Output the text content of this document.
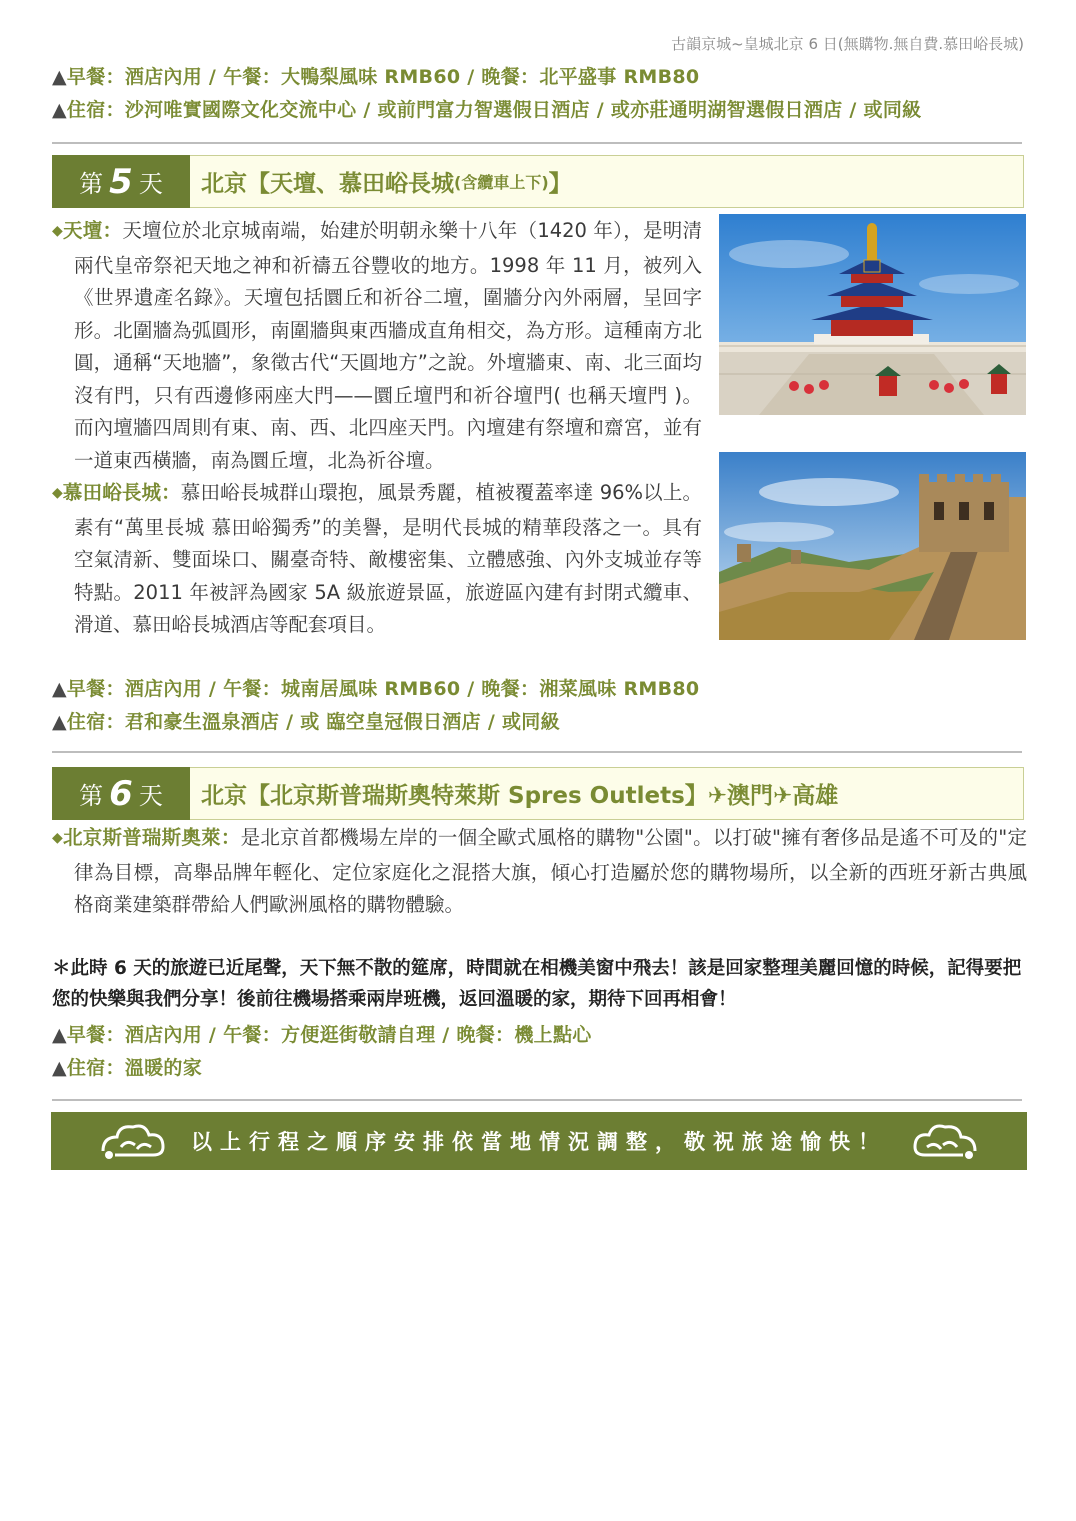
古韻京城~皇城北京 6 日(無購物.無自費.慕田峪長城)
▲早餐：酒店內用 / 午餐：大鴨梨風味 RMB60 / 晚餐：北平盛事 RMB80
▲住宿：沙河唯實國際文化交流中心 / 或前門富力智選假日酒店 / 或亦莊通明湖智選假日酒店 / 或同級
第 5 天 北京【天壇、慕田峪長城 (含纜車上下) 】

◆天壇：天壇位於北京城南端，始建於明朝永樂十八年（1420 年），是明清兩代皇帝祭祀天地之神和祈禱五谷豐收的地方。1998 年 11 月，被列入《世界遺產名錄》。天壇包括圜丘和祈谷二壇，圍牆分內外兩層，呈回字形。北圍牆為弧圓形，南圍牆與東西牆成直角相交，為方形。這種南方北圓，通稱“天地牆”，象徵古代“天圓地方”之說。外壇牆東、南、北三面均沒有門，只有西邊修兩座大門——圜丘壇門和祈谷壇門( 也稱天壇門 )。而內壇牆四周則有東、南、西、北四座天門。內壇建有祭壇和齋宮，並有一道東西橫牆，南為圜丘壇，北為祈谷壇。

◆慕田峪長城：慕田峪長城群山環抱，風景秀麗，植被覆蓋率達 96%以上。素有“萬里長城 慕田峪獨秀”的美譽，是明代長城的精華段落之一。具有空氣清新、雙面垛口、關臺奇特、敵樓密集、立體感強、內外支城並存等特點。2011 年被評為國家 5A 級旅遊景區，旅遊區內建有封閉式纜車、滑道、慕田峪長城酒店等配套項目。

▲早餐：酒店內用 / 午餐：城南居風味 RMB60 / 晚餐：湘菜風味 RMB80
▲住宿：君和豪生溫泉酒店 / 或 臨空皇冠假日酒店 / 或同級
第 6 天 北京【北京斯普瑞斯奧特萊斯 Spres Outlets】✈澳門✈高雄

◆北京斯普瑞斯奧萊：是北京首都機場左岸的一個全歐式風格的購物"公園"。以打破"擁有奢侈品是遙不可及的"定律為目標，高舉品牌年輕化、定位家庭化之混搭大旗，傾心打造屬於您的購物場所，以全新的西班牙新古典風格商業建築群帶給人們歐洲風格的購物體驗。

＊此時 6 天的旅遊已近尾聲，天下無不散的筵席，時間就在相機美窗中飛去！該是回家整理美麗回憶的時候，記得要把您的快樂與我們分享！後前往機場搭乘兩岸班機，返回溫暖的家，期待下回再相會！
▲早餐：酒店內用 / 午餐：方便逛街敬請自理 / 晚餐：機上點心
▲住宿：溫暖的家
以上行程之順序安排依當地情況調整，敬祝旅途愉快！
